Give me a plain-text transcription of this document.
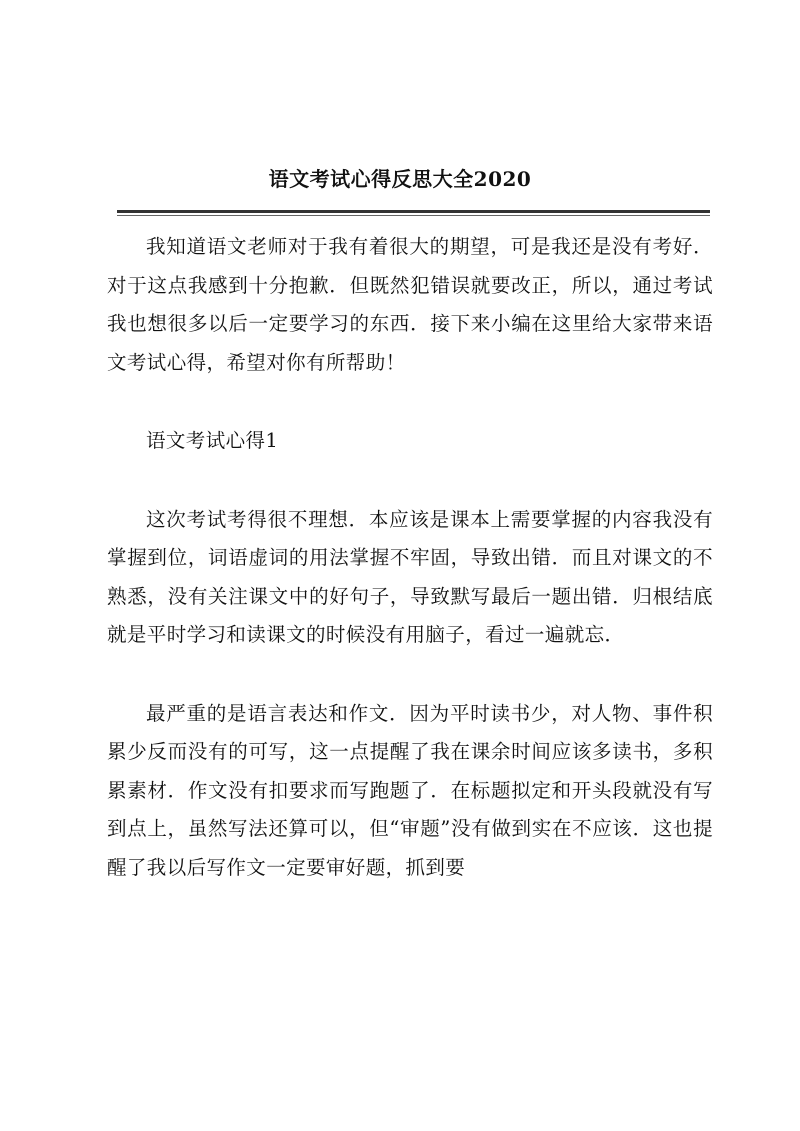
语文考试心得反思大全2020

我知道语文老师对于我有着很大的期望，可是我还是没有考好．对于这点我感到十分抱歉．但既然犯错误就要改正，所以，通过考试我也想很多以后一定要学习的东西．接下来小编在这里给大家带来语文考试心得，希望对你有所帮助！

语文考试心得1

这次考试考得很不理想．本应该是课本上需要掌握的内容我没有掌握到位，词语虚词的用法掌握不牢固，导致出错．而且对课文的不熟悉，没有关注课文中的好句子，导致默写最后一题出错．归根结底就是平时学习和读课文的时候没有用脑子，看过一遍就忘．

最严重的是语言表达和作文．因为平时读书少，对人物、事件积累少反而没有的可写，这一点提醒了我在课余时间应该多读书，多积累素材．作文没有扣要求而写跑题了．在标题拟定和开头段就没有写到点上，虽然写法还算可以，但“审题”没有做到实在不应该．这也提醒了我以后写作文一定要审好题，抓到要
